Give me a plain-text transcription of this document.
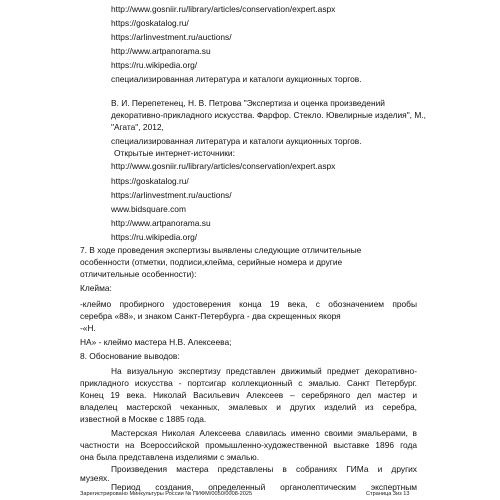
http://www.gosniir.ru/library/articles/conservation/expert.aspx
https://goskatalog.ru/
https://arlinvestment.ru/auctions/
http://www.artpanorama.su
https://ru.wikipedia.org/
специализированная литература и каталоги аукционных торгов.
В. И. Перепетенец, Н. В. Петрова "Экспертиза и оценка произведений
декоративно-прикладного искусства. Фарфор. Стекло. Ювелирные изделия", М.,
"Агата", 2012,
специализированная литература и каталоги аукционных торгов.
Открытые интернет-источники:
http://www.gosniir.ru/library/articles/conservation/expert.aspx
https://goskatalog.ru/
https://arlinvestment.ru/auctions/
www.bidsquare.com
http://www.artpanorama.su
https://ru.wikipedia.org/
7. В ходе проведения экспертизы выявлены следующие отличительные
особенности (отметки, подписи,клейма, серийные номера и другие
отличительные особенности):
Клейма:
-клеймо пробирного удостоверения конца 19 века, с обозначением пробы
серебра «88», и знаком Санкт-Петербурга - два скрещенных якоря
-«Н.
НА» - клеймо мастера Н.В. Алексеева;
8. Обоснование выводов:
На визуальную экспертизу представлен движимый предмет декоративно-
прикладного искусства - портсигар коллекционный с эмалью. Санкт Петербург.
Конец 19 века. Николай Васильевич Алексеев – серебряного дел мастер и
владелец мастерской чеканных, эмалевых и других изделий из серебра,
известной в Москве с 1885 года.
Мастерская Николая Алексеева славилась именно своими эмальерами, в
частности на Всероссийской промышленно-художественной выставке 1896 года
она была представлена изделиями с эмалью.
Произведения мастера представлены в собраниях ГИМа и других
музеях.
Период создания, определенный органолептическим экспертным
Зарегистрировано Минкультуры России № ПИФМ/0050/0008-2025	Страница 3из 13
